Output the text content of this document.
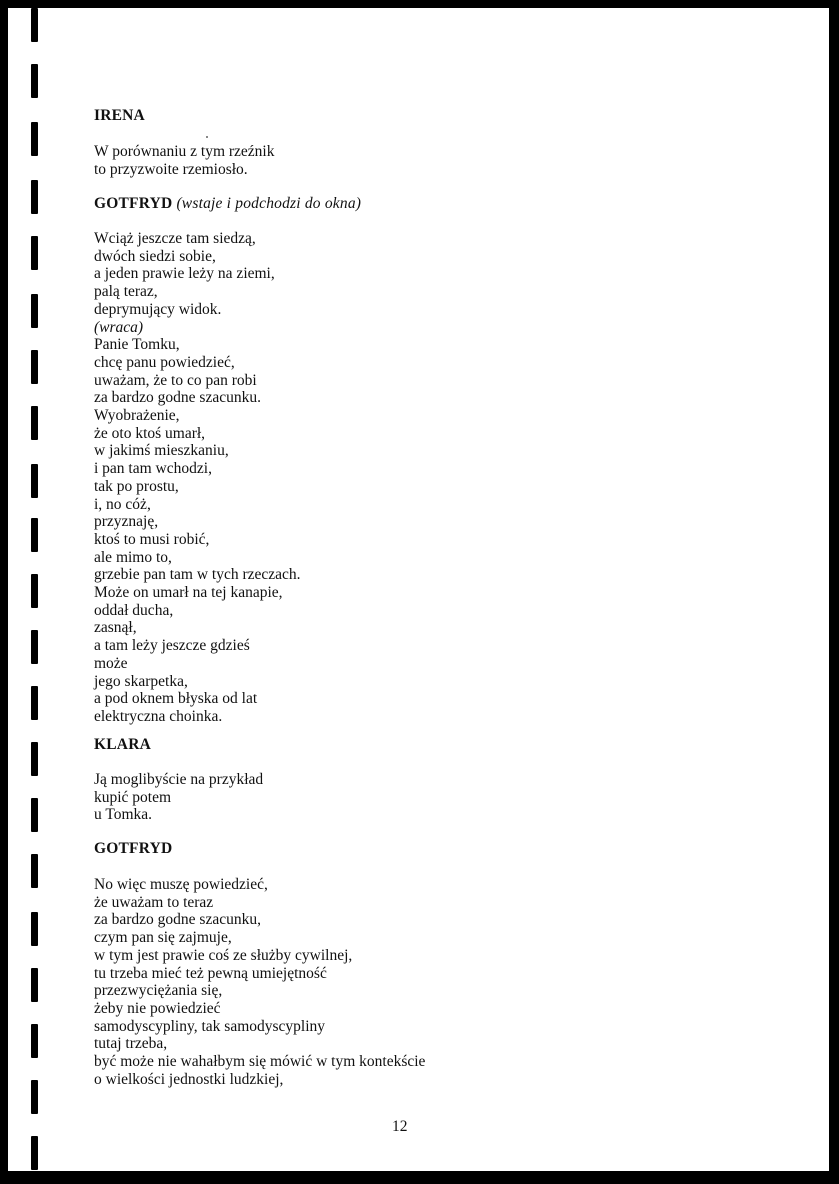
IRENA
W porównaniu z tym rzeźnik
to przyzwoite rzemiosło.
GOTFRYD (wstaje i podchodzi do okna)
Wciąż jeszcze tam siedzą,
dwóch siedzi sobie,
a jeden prawie leży na ziemi,
palą teraz,
deprymujący widok.
(wraca)
Panie Tomku,
chcę panu powiedzieć,
uważam, że to co pan robi
za bardzo godne szacunku.
Wyobrażenie,
że oto ktoś umarł,
w jakimś mieszkaniu,
i pan tam wchodzi,
tak po prostu,
i, no cóż,
przyznaję,
ktoś to musi robić,
ale mimo to,
grzebie pan tam w tych rzeczach.
Może on umarł na tej kanapie,
oddał ducha,
zasnął,
a tam leży jeszcze gdzieś
może
jego skarpetka,
a pod oknem błyska od lat
elektryczna choinka.
KLARA
Ją moglibyście na przykład
kupić potem
u Tomka.
GOTFRYD
No więc muszę powiedzieć,
że uważam to teraz
za bardzo godne szacunku,
czym pan się zajmuje,
w tym jest prawie coś ze służby cywilnej,
tu trzeba mieć też pewną umiejętność
przezwyciężania się,
żeby nie powiedzieć
samodyscypliny, tak samodyscypliny
tutaj trzeba,
być może nie wahałbym się mówić w tym kontekście
o wielkości jednostki ludzkiej,
12
